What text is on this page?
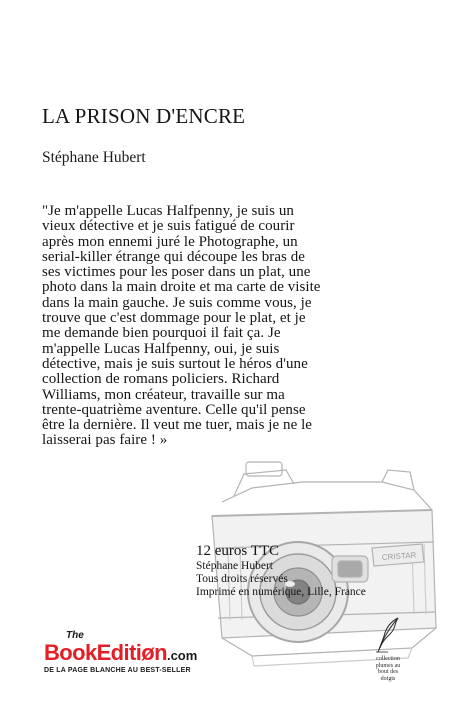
LA PRISON D'ENCRE
Stéphane Hubert
CRISTAR
"Je m'appelle Lucas Halfpenny, je suis un vieux détective et je suis fatigué de courir après mon ennemi juré le Photographe, un serial-killer étrange qui découpe les bras de ses victimes pour les poser dans un plat, une photo dans la main droite et ma carte de visite dans la main gauche. Je suis comme vous, je trouve que c'est dommage pour le plat, et je me demande bien pourquoi il fait ça. Je m'appelle Lucas Halfpenny, oui, je suis détective, mais je suis surtout le héros d'une collection de romans policiers. Richard Williams, mon créateur, travaille sur ma trente-quatrième aventure. Celle qu'il pense être la dernière. Il veut me tuer, mais je ne le laisserai pas faire ! »
12 euros TTC
Stéphane Hubert
Tous droits réservés
Imprimé en numérique, Lille, France
The
BookEditiøn.com
DE LA PAGE BLANCHE AU BEST-SELLER
collection
plumes au
bout des
doigts
